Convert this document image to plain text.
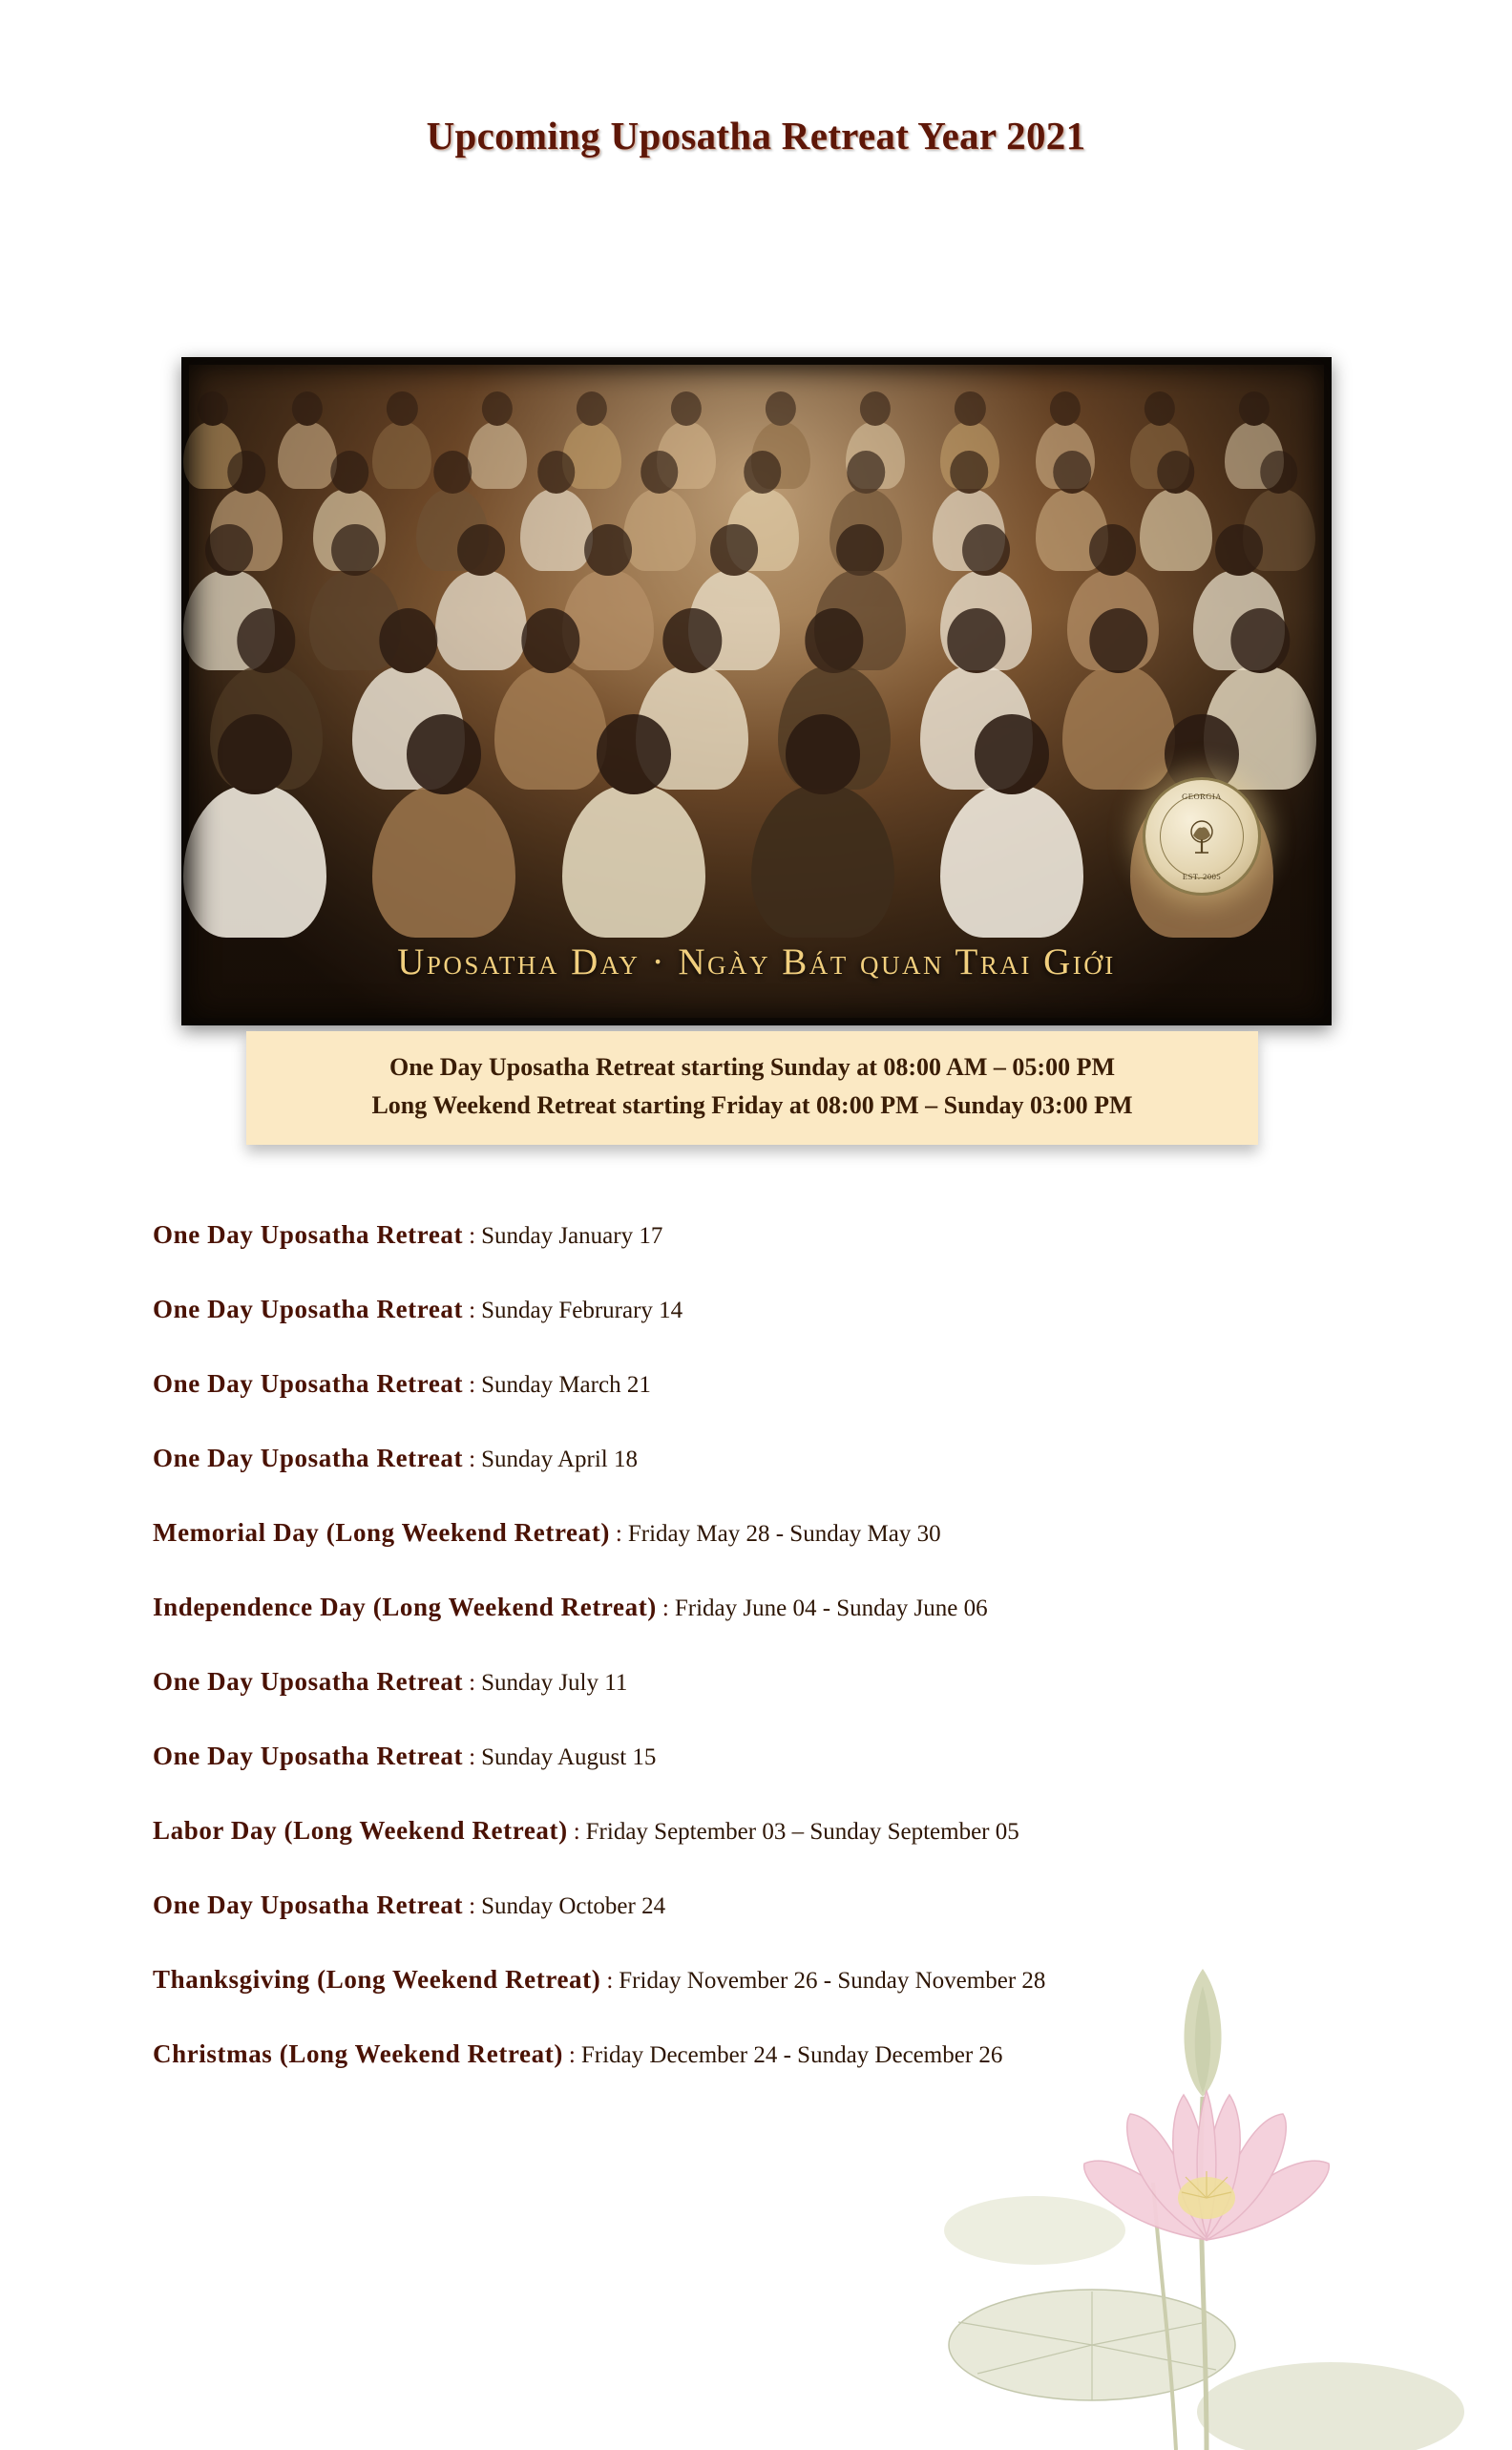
Upcoming Uposatha Retreat Year 2021
GEORGIA
EST. 2005
Uposatha Day · Ngày Bát quan Trai Giới
One Day Uposatha Retreat starting Sunday at 08:00 AM – 05:00 PM
Long Weekend Retreat starting Friday at 08:00 PM – Sunday 03:00 PM
One Day Uposatha Retreat : Sunday January 17
One Day Uposatha Retreat : Sunday Februrary 14
One Day Uposatha Retreat : Sunday March 21
One Day Uposatha Retreat : Sunday April 18
Memorial Day (Long Weekend Retreat) : Friday May 28 - Sunday May 30
Independence Day (Long Weekend Retreat) : Friday June 04 - Sunday June 06
One Day Uposatha Retreat : Sunday July 11
One Day Uposatha Retreat : Sunday August 15
Labor Day (Long Weekend Retreat) : Friday September 03 – Sunday September 05
One Day Uposatha Retreat : Sunday October 24
Thanksgiving (Long Weekend Retreat) : Friday November 26 - Sunday November 28
Christmas (Long Weekend Retreat) : Friday December 24 - Sunday December 26
